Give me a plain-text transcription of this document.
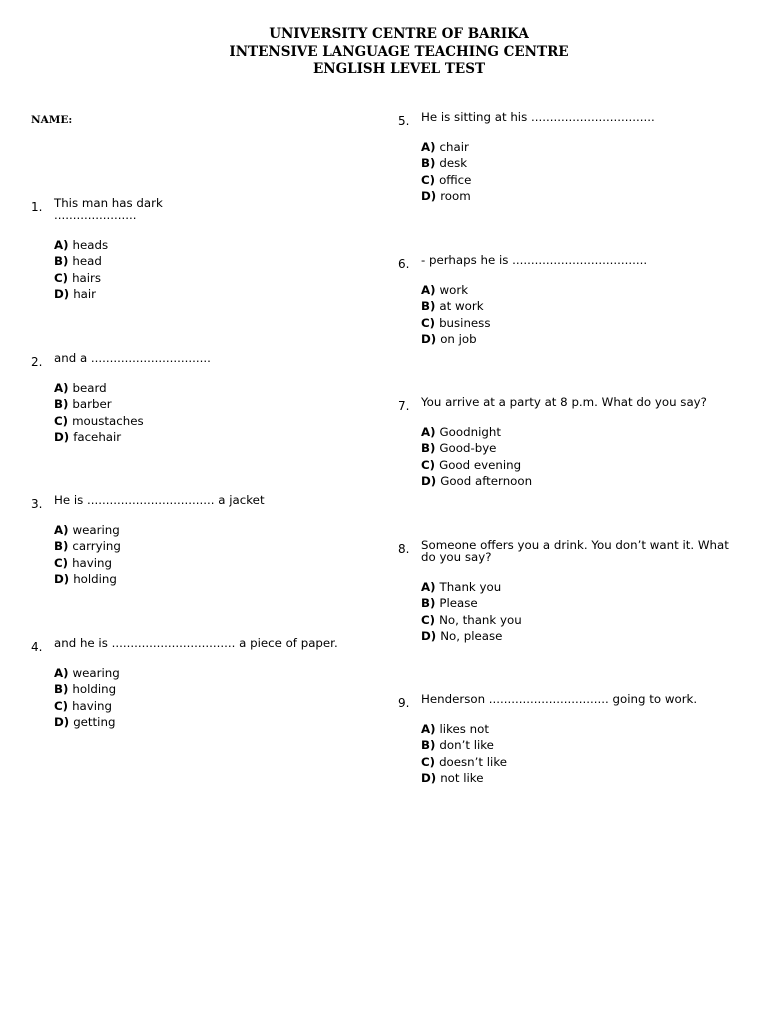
UNIVERSITY CENTRE OF BARIKA
INTENSIVE LANGUAGE TEACHING CENTRE
ENGLISH LEVEL TEST
NAME:
1. This man has dark
......................
A) heads
B) head
C) hairs
D) hair
2. and a ................................
A) beard
B) barber
C) moustaches
D) facehair
3. He is .................................. a jacket
A) wearing
B) carrying
C) having
D) holding
4. and he is ................................. a piece of paper.
A) wearing
B) holding
C) having
D) getting
5. He is sitting at his .................................
A) chair
B) desk
C) office
D) room
6. - perhaps he is ....................................
A) work
B) at work
C) business
D) on job
7. You arrive at a party at 8 p.m. What do you say?
A) Goodnight
B) Good-bye
C) Good evening
D) Good afternoon
8. Someone offers you a drink. You don’t want it. What
do you say?
A) Thank you
B) Please
C) No, thank you
D) No, please
9. Henderson ................................ going to work.
A) likes not
B) don’t like
C) doesn’t like
D) not like
